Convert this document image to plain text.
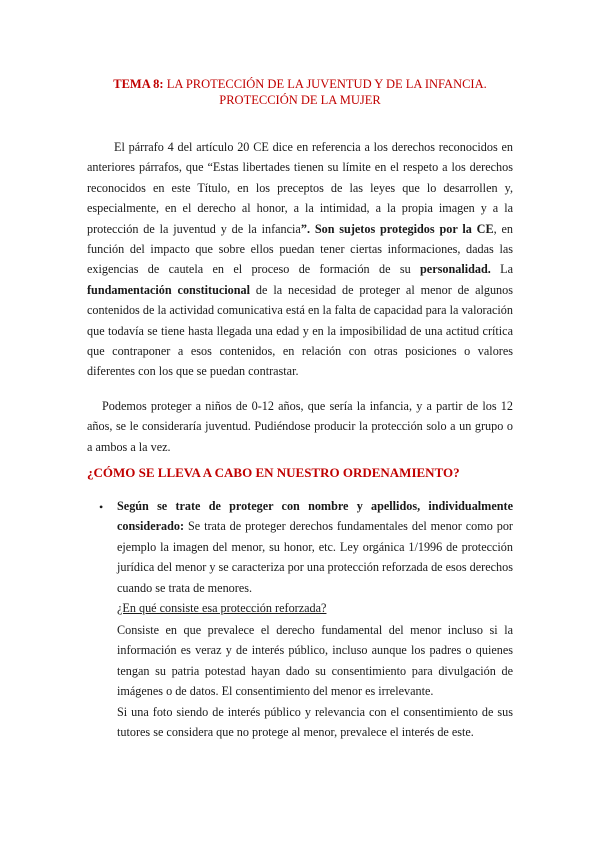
TEMA 8: LA PROTECCIÓN DE LA JUVENTUD Y DE LA INFANCIA.
PROTECCIÓN DE LA MUJER

El párrafo 4 del artículo 20 CE dice en referencia a los derechos reconocidos en anteriores párrafos, que “Estas libertades tienen su límite en el respeto a los derechos reconocidos en este Título, en los preceptos de las leyes que lo desarrollen y, especialmente, en el derecho al honor, a la intimidad, a la propia imagen y a la protección de la juventud y de la infancia”. Son sujetos protegidos por la CE, en función del impacto que sobre ellos puedan tener ciertas informaciones, dadas las exigencias de cautela en el proceso de formación de su personalidad. La fundamentación constitucional de la necesidad de proteger al menor de algunos contenidos de la actividad comunicativa está en la falta de capacidad para la valoración que todavía se tiene hasta llegada una edad y en la imposibilidad de una actitud crítica que contraponer a esos contenidos, en relación con otras posiciones o valores diferentes con los que se puedan contrastar.

Podemos proteger a niños de 0-12 años, que sería la infancia, y a partir de los 12 años, se le consideraría juventud. Pudiéndose producir la protección solo a un grupo o a ambos a la vez.

¿CÓMO SE LLEVA A CABO EN NUESTRO ORDENAMIENTO?
• Según se trate de proteger con nombre y apellidos, individualmente considerado: Se trata de proteger derechos fundamentales del menor como por ejemplo la imagen del menor, su honor, etc. Ley orgánica 1/1996 de protección jurídica del menor y se caracteriza por una protección reforzada de esos derechos cuando se trata de menores.

¿En qué consiste esa protección reforzada?

Consiste en que prevalece el derecho fundamental del menor incluso si la información es veraz y de interés público, incluso aunque los padres o quienes tengan su patria potestad hayan dado su consentimiento para divulgación de imágenes o de datos. El consentimiento del menor es irrelevante.

Si una foto siendo de interés público y relevancia con el consentimiento de sus tutores se considera que no protege al menor, prevalece el interés de este.
